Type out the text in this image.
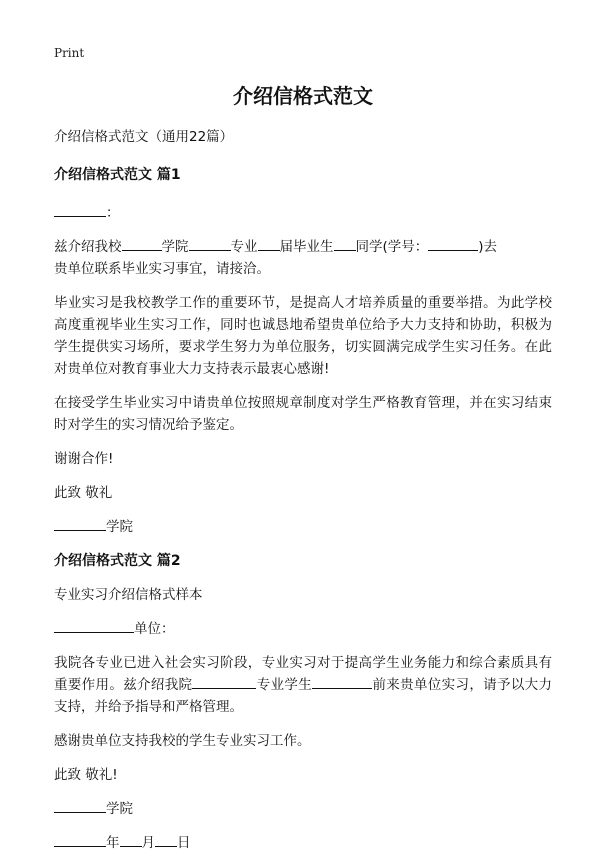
Print
介绍信格式范文

介绍信格式范文（通用22篇）

介绍信格式范文 篇1

：

兹介绍我校	学院	专业 届毕业生 同学(学号：	)去

贵单位联系毕业实习事宜，请接洽。

毕业实习是我校教学工作的重要环节，是提高人才培养质量的重要举措。为此学校高度重视毕业生实习工作，同时也诚恳地希望贵单位给予大力支持和协助，积极为学生提供实习场所，要求学生努力为单位服务，切实圆满完成学生实习任务。在此对贵单位对教育事业大力支持表示最衷心感谢!

在接受学生毕业实习中请贵单位按照规章制度对学生严格教育管理，并在实习结束时对学生的实习情况给予鉴定。

谢谢合作!

此致 敬礼

学院

介绍信格式范文 篇2

专业实习介绍信格式样本

单位：

我院各专业已进入社会实习阶段，专业实习对于提高学生业务能力和综合素质具有重要作用。兹介绍我院	专业学生	前来贵单位实习，请予以大力支持，并给予指导和严格管理。

感谢贵单位支持我校的学生专业实习工作。

此致 敬礼!

学院

年 月 日
